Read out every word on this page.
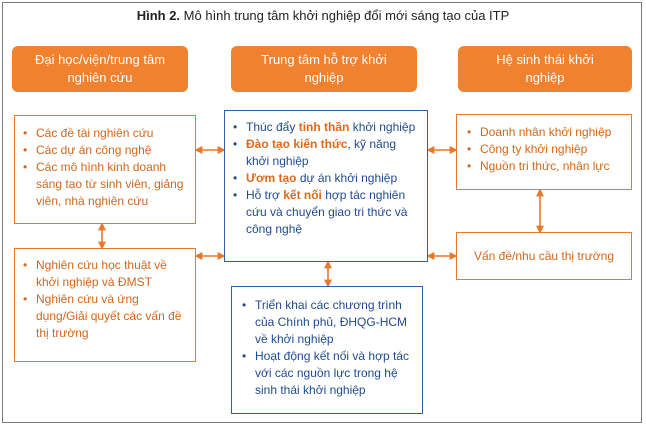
Hình 2. Mô hình trung tâm khởi nghiệp đổi mới sáng tạo của ITP
Đại học/viện/trung tâm nghiên cứu
Trung tâm hỗ trợ khởi nghiệp
Hệ sinh thái khởi nghiệp
• Các đề tài nghiên cứu
• Các dự án công nghệ
• Các mô hình kinh doanh sáng tạo từ sinh viên, giảng viên, nhà nghiên cứu
• Nghiên cứu học thuật về khởi nghiệp và ĐMST
• Nghiên cứu và ứng dụng/Giải quyết các vấn đề thị trường
• Thúc đẩy tinh thần khởi nghiệp
• Đào tạo kiến thức, kỹ năng khởi nghiệp
• Ươm tạo dự án khởi nghiệp
• Hỗ trợ kết nối hợp tác nghiên cứu và chuyển giao tri thức và công nghệ
• Triển khai các chương trình của Chính phủ, ĐHQG-HCM về khởi nghiệp
• Hoạt động kết nối và hợp tác với các nguồn lực trong hệ sinh thái khởi nghiệp
• Doanh nhân khởi nghiệp
• Công ty khởi nghiệp
• Nguồn tri thức, nhân lực
Vấn đề/nhu cầu thị trường
